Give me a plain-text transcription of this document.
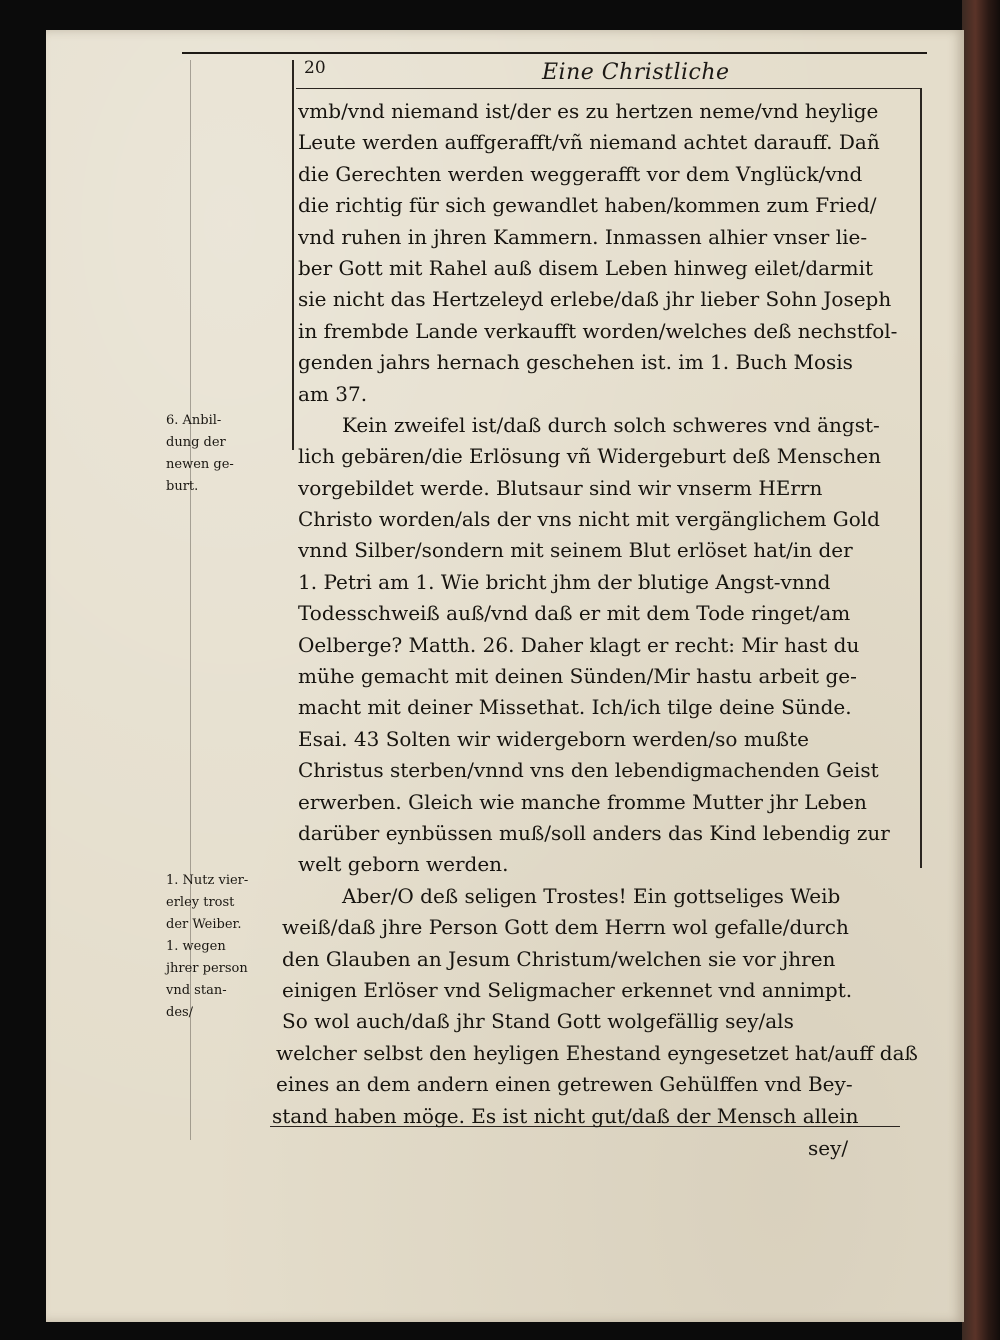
20	Eine Christliche
vmb/vnd niemand ist/der es zu hertzen neme/vnd heylige
Leute werden auffgerafft/vñ niemand achtet darauff. Dañ
die Gerechten werden weggerafft vor dem Vnglück/vnd
die richtig für sich gewandlet haben/kommen zum Fried/
vnd ruhen in jhren Kammern. Inmassen alhier vnser lie-
ber Gott mit Rahel auß disem Leben hinweg eilet/darmit
sie nicht das Hertzeleyd erlebe/daß jhr lieber Sohn Joseph
in frembde Lande verkaufft worden/welches deß nechstfol-
genden jahrs hernach geschehen ist. im 1. Buch Mosis
am 37.
Kein zweifel ist/daß durch solch schweres vnd ängst-
lich gebären/die Erlösung vñ Widergeburt deß Menschen
vorgebildet werde. Blutsaur sind wir vnserm HErrn
Christo worden/als der vns nicht mit vergänglichem Gold
vnnd Silber/sondern mit seinem Blut erlöset hat/in der
1. Petri am 1. Wie bricht jhm der blutige Angst-vnnd
Todesschweiß auß/vnd daß er mit dem Tode ringet/am
Oelberge? Matth. 26. Daher klagt er recht: Mir hast du
mühe gemacht mit deinen Sünden/Mir hastu arbeit ge-
macht mit deiner Missethat. Ich/ich tilge deine Sünde.
Esai. 43 Solten wir widergeborn werden/so mußte
Christus sterben/vnnd vns den lebendigmachenden Geist
erwerben. Gleich wie manche fromme Mutter jhr Leben
darüber eynbüssen muß/soll anders das Kind lebendig zur
welt geborn werden.
Aber/O deß seligen Trostes! Ein gottseliges Weib
weiß/daß jhre Person Gott dem Herrn wol gefalle/durch
den Glauben an Jesum Christum/welchen sie vor jhren
einigen Erlöser vnd Seligmacher erkennet vnd annimpt.
So wol auch/daß jhr Stand Gott wolgefällig sey/als
welcher selbst den heyligen Ehestand eyngesetzet hat/auff daß
eines an dem andern einen getrewen Gehülffen vnd Bey-
stand haben möge. Es ist nicht gut/daß der Mensch allein
6. Anbil-
dung der
newen ge-
burt.
1. Nutz vier-
erley trost
der Weiber.
1. wegen
jhrer person
vnd stan-
des/
sey/
